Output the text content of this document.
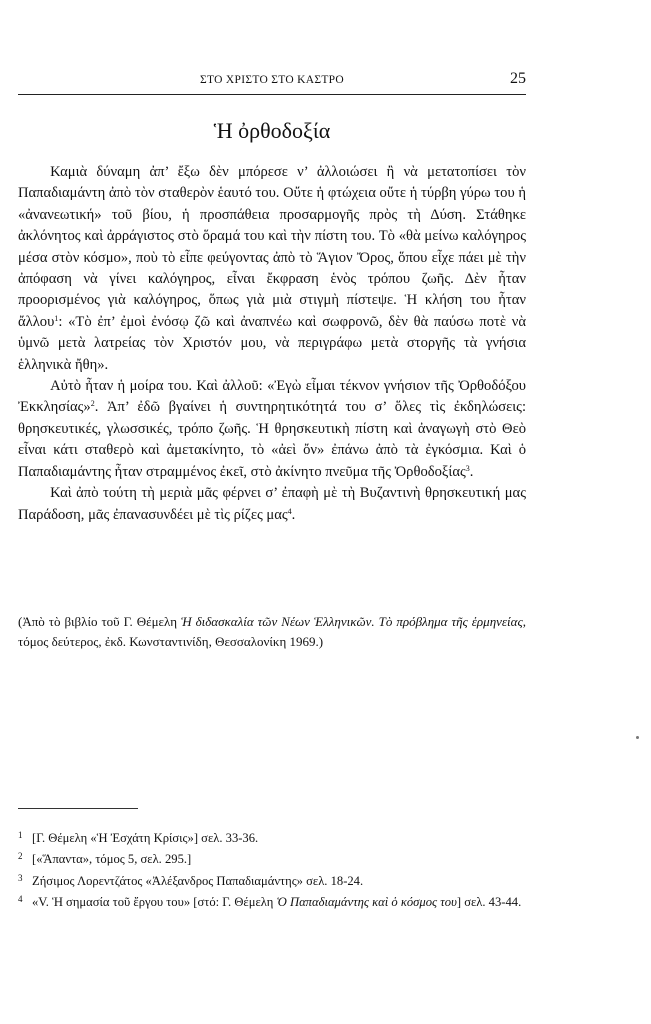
ΣΤΟ ΧΡΙΣΤΟ ΣΤΟ ΚΑΣΤΡΟ	25
Ἡ ὀρθοδοξία

Καμιὰ δύναμη ἀπ’ ἔξω δὲν μπόρεσε ν’ ἀλλοιώσει ἢ νὰ μετατοπίσει τὸν Παπαδιαμάντη ἀπὸ τὸν σταθερὸν ἑαυτό του. Οὔτε ἡ φτώχεια οὔτε ἡ τύρβη γύρω του ἡ «ἀνανεωτική» τοῦ βίου, ἡ προσπάθεια προσαρμογῆς πρὸς τὴ Δύση. Στάθηκε ἀκλόνητος καὶ ἀρράγιστος στὸ ὅραμά του καὶ τὴν πίστη του. Τὸ «θὰ μείνω καλόγηρος μέσα στὸν κόσμο», ποὺ τὸ εἶπε φεύγοντας ἀπὸ τὸ Ἅγιον Ὄρος, ὅπου εἶχε πάει μὲ τὴν ἀπόφαση νὰ γίνει καλόγηρος, εἶναι ἔκφραση ἑνὸς τρόπου ζωῆς. Δὲν ἦταν προορισμένος γιὰ καλόγηρος, ὅπως γιὰ μιὰ στιγμὴ πίστεψε. Ἡ κλήση του ἦταν ἄλλου$^1$: «Τὸ ἐπ’ ἐμοὶ ἐνόσῳ ζῶ καὶ ἀναπνέω καὶ σωφρονῶ, δὲν θὰ παύσω ποτὲ νὰ ὑμνῶ μετὰ λατρείας τὸν Χριστόν μου, νὰ περιγράφω μετὰ στοργῆς τὰ γνήσια ἑλληνικὰ ἤθη».

Αὐτὸ ἦταν ἡ μοίρα του. Καὶ ἀλλοῦ: «Ἐγὼ εἶμαι τέκνον γνήσιον τῆς Ὀρθοδόξου Ἐκκλησίας»$^2$. Ἀπ’ ἐδῶ βγαίνει ἡ συντηρητικότητά του σ’ ὅλες τὶς ἐκδηλώσεις: θρησκευτικές, γλωσσικές, τρόπο ζωῆς. Ἡ θρησκευτικὴ πίστη καὶ ἀναγωγὴ στὸ Θεὸ εἶναι κάτι σταθερὸ καὶ ἀμετακίνητο, τὸ «ἀεὶ ὄν» ἐπάνω ἀπὸ τὰ ἐγκόσμια. Καὶ ὁ Παπαδιαμάντης ἦταν στραμμένος ἐκεῖ, στὸ ἀκίνητο πνεῦμα τῆς Ὀρθοδοξίας$^3$.

Καὶ ἀπὸ τούτη τὴ μεριὰ μᾶς φέρνει σ’ ἐπαφὴ μὲ τὴ Βυζαντινὴ θρησκευτική μας Παράδοση, μᾶς ἐπανασυνδέει μὲ τὶς ρίζες μας$^4$.

(Ἀπὸ τὸ βιβλίο τοῦ Γ. Θέμελη Ἡ διδασκαλία τῶν Νέων Ἑλληνικῶν. Τὸ πρόβλημα τῆς ἑρμηνείας, τόμος δεύτερος, ἐκδ. Κωνσταντινίδη, Θεσσαλονίκη 1969.)
1 [Γ. Θέμελη «Ἡ Ἐσχάτη Κρίσις»] σελ. 33-36.
2 [«Ἅπαντα», τόμος 5, σελ. 295.]
3 Ζήσιμος Λορεντζάτος «Ἀλέξανδρος Παπαδιαμάντης» σελ. 18-24.
4 «V. Ἡ σημασία τοῦ ἔργου του» [στό: Γ. Θέμελη Ὁ Παπαδιαμάντης καὶ ὁ κόσμος του] σελ. 43-44.
